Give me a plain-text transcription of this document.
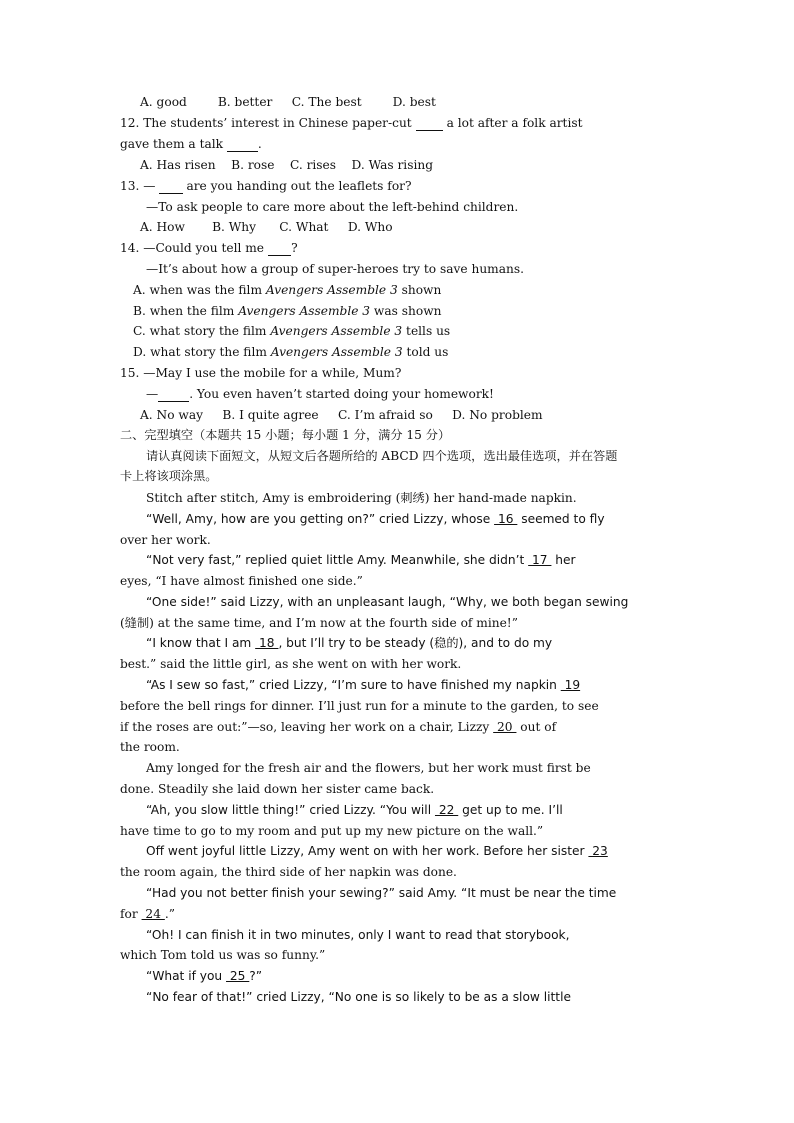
A. good        B. better     C. The best        D. best
12. The students’ interest in Chinese paper-cut         a lot after a folk artist
gave them a talk	.
A. Has risen    B. rose    C. rises    D. Was rising
13. —        are you handing out the leaflets for?
—To ask people to care more about the left-behind children.
A. How       B. Why      C. What     D. Who
14. —Could you tell me       ?
—It’s about how a group of super-heroes try to save humans.
A. when was the film Avengers Assemble 3 shown
B. when the film Avengers Assemble 3 was shown
C. what story the film Avengers Assemble 3 tells us
D. what story the film Avengers Assemble 3 told us
15. —May I use the mobile for a while, Mum?
—	. You even haven’t started doing your homework!
A. No way     B. I quite agree     C. I’m afraid so     D. No problem
二、完型填空（本题共 15 小题；每小题 1 分，满分 15 分）
请认真阅读下面短文，从短文后各题所给的 ABCD 四个选项，选出最佳选项，并在答题
卡上将该项涂黑。
Stitch after stitch, Amy is embroidering (刺绣) her hand-made napkin.
“Well, Amy, how are you getting on?” cried Lizzy, whose  16  seemed to fly
over her work.
“Not very fast,” replied quiet little Amy. Meanwhile, she didn’t  17  her
eyes, “I have almost finished one side.”
“One side!” said Lizzy, with an unpleasant laugh, “Why, we both began sewing
(缝制) at the same time, and I’m now at the fourth side of mine!”
“I know that I am  18 , but I’ll try to be steady (稳的), and to do my
best.” said the little girl, as she went on with her work.
“As I sew so fast,” cried Lizzy, “I’m sure to have finished my napkin  19
before the bell rings for dinner. I’ll just run for a minute to the garden, to see
if the roses are out:”—so, leaving her work on a chair, Lizzy  20  out of
the room.
Amy longed for the fresh air and the flowers, but her work must first be
done. Steadily she laid down her sister came back.
“Ah, you slow little thing!” cried Lizzy. “You will  22  get up to me. I’ll
have time to go to my room and put up my new picture on the wall.”
Off went joyful little Lizzy, Amy went on with her work. Before her sister  23
the room again, the third side of her napkin was done.
“Had you not better finish your sewing?” said Amy. “It must be near the time
for  24 .”
“Oh! I can finish it in two minutes, only I want to read that storybook,
which Tom told us was so funny.”
“What if you  25 ?”
“No fear of that!” cried Lizzy, “No one is so likely to be as a slow little
